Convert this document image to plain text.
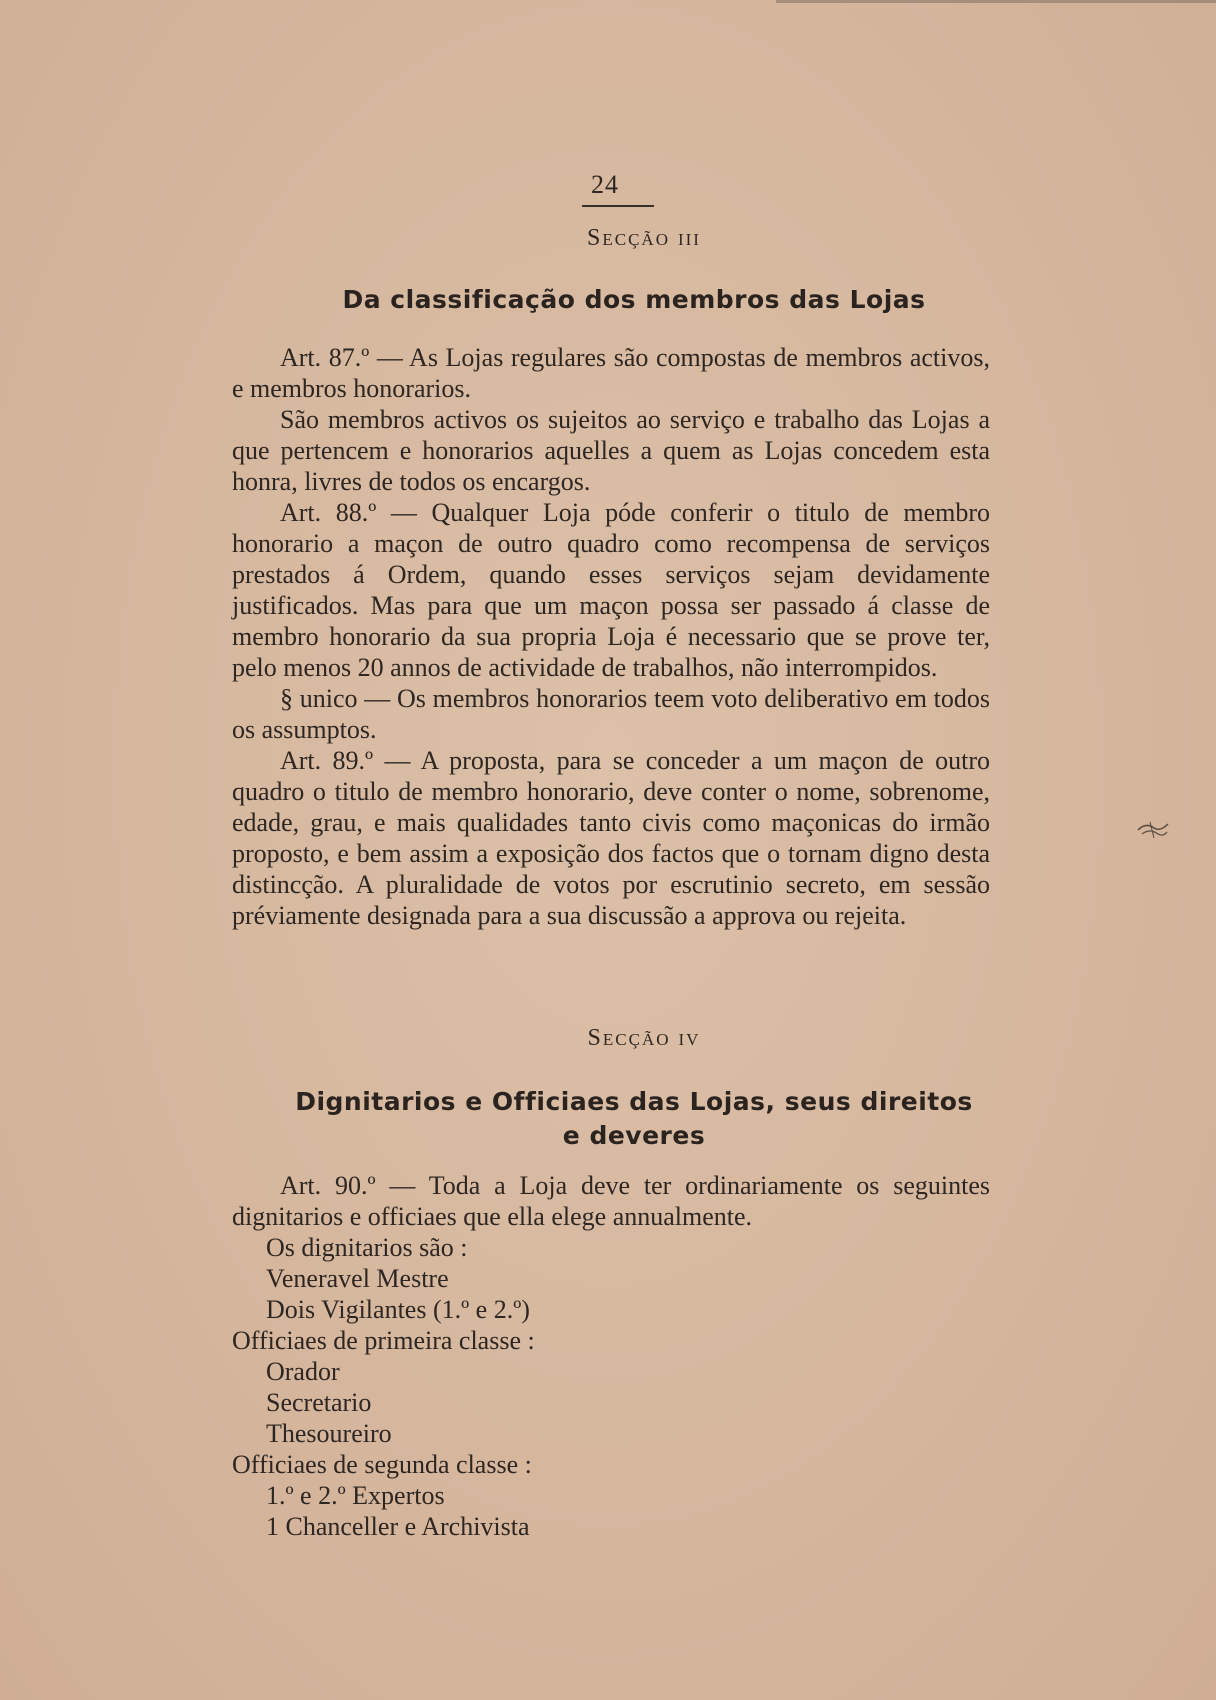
24
Secção iii
Da classificação dos membros das Lojas

Art. 87.º — As Lojas regulares são compostas de membros activos, e membros honorarios.

São membros activos os sujeitos ao serviço e trabalho das Lojas a que pertencem e honorarios aquelles a quem as Lojas concedem esta honra, livres de todos os encargos.

Art. 88.º — Qualquer Loja póde conferir o titulo de membro honorario a maçon de outro quadro como recompensa de serviços prestados á Ordem, quando esses serviços sejam devidamente justificados. Mas para que um maçon possa ser passado á classe de membro honorario da sua propria Loja é necessario que se prove ter, pelo menos 20 annos de actividade de trabalhos, não interrompidos.

§ unico — Os membros honorarios teem voto deliberativo em todos os assumptos.

Art. 89.º — A proposta, para se conceder a um maçon de outro quadro o titulo de membro honorario, deve conter o nome, sobrenome, edade, grau, e mais qualidades tanto civis como maçonicas do irmão proposto, e bem assim a exposição dos factos que o tornam digno desta distincção. A pluralidade de votos por escrutinio secreto, em sessão préviamente designada para a sua discussão a approva ou rejeita.

Secção iv
Dignitarios e Officiaes das Lojas, seus direitos
e deveres

Art. 90.º — Toda a Loja deve ter ordinariamente os seguintes dignitarios e officiaes que ella elege annualmente.

Os dignitarios são :
Veneravel Mestre
Dois Vigilantes (1.º e 2.º)
Officiaes de primeira classe :
Orador
Secretario
Thesoureiro
Officiaes de segunda classe :
1.º e 2.º Expertos
1 Chanceller e Archivista
